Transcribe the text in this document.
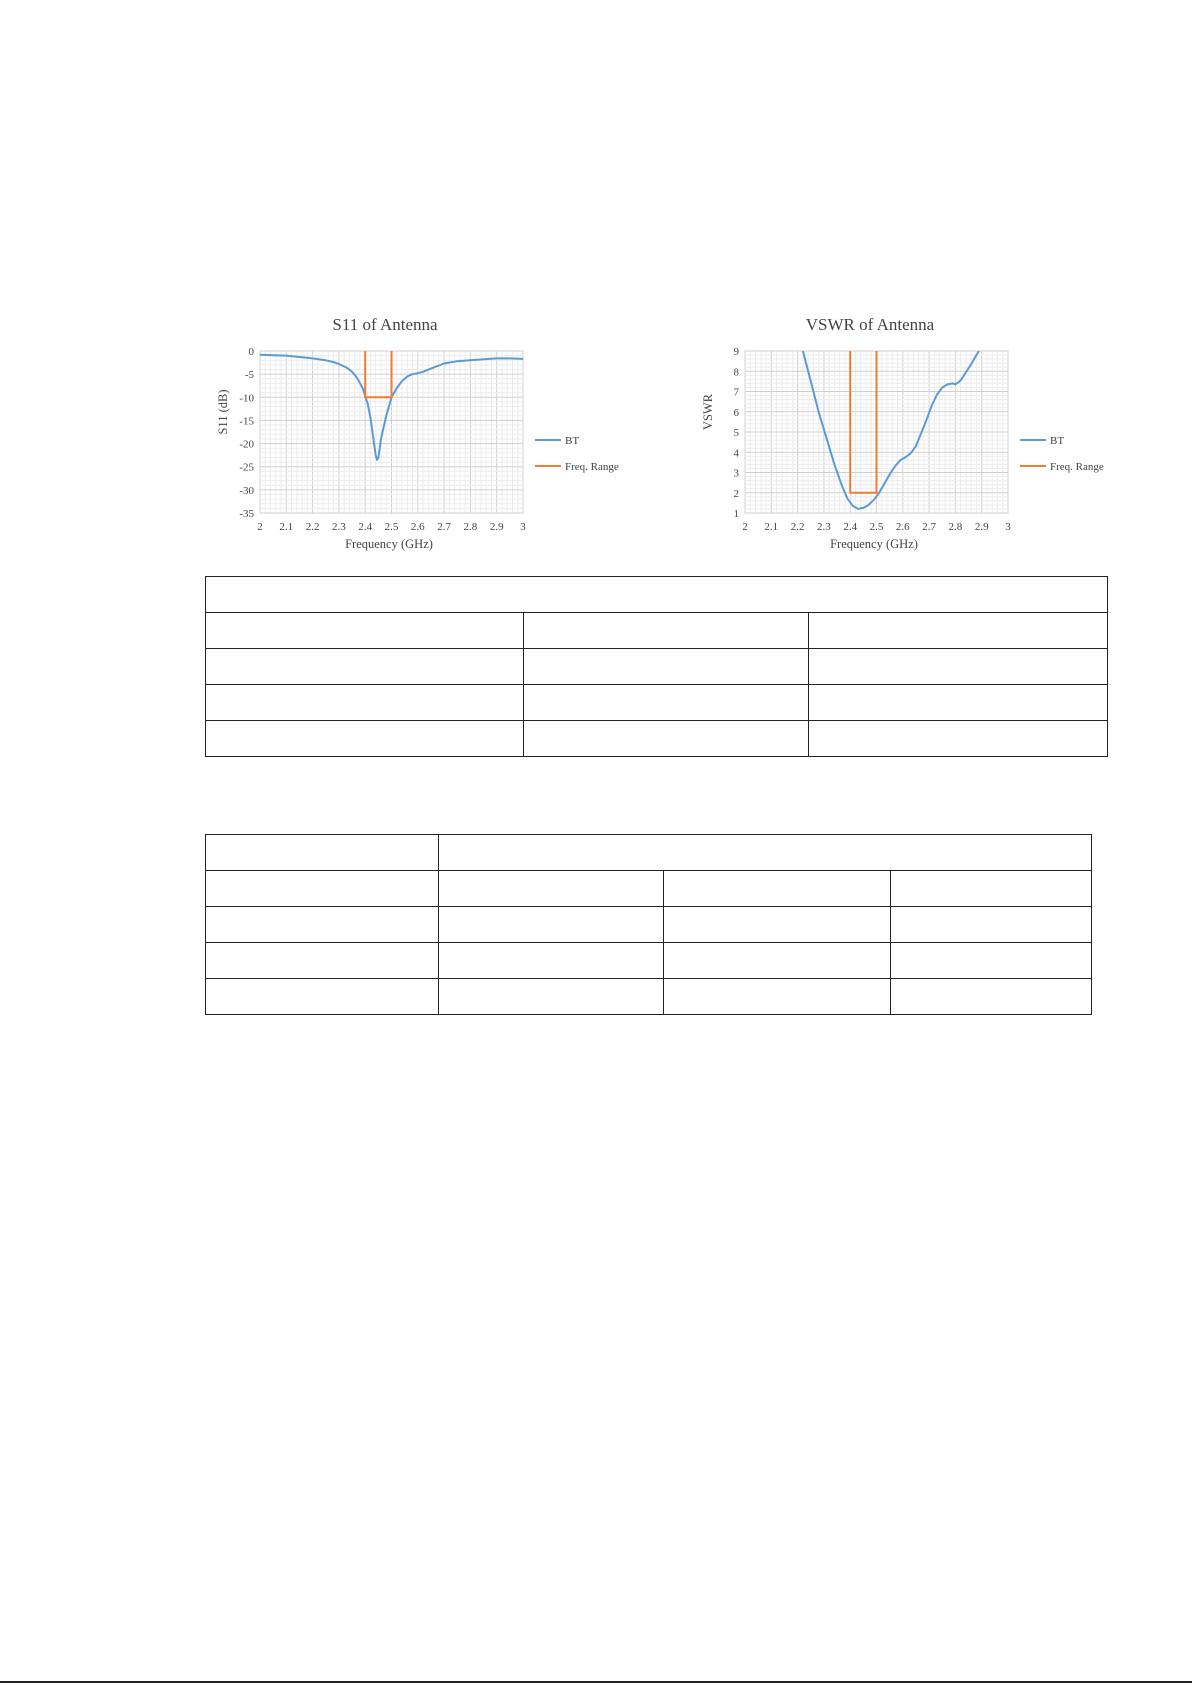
S11 of Antenna
2 2.1 2.2 2.3 2.4 2.5 2.6 2.7 2.8 2.9 3
0
-5
-10
-15
-20
-25
-30
-35
Frequency (GHz)
S11 (dB)
BT
Freq. Range
VSWR of Antenna
2 2.1 2.2 2.3 2.4 2.5 2.6 2.7 2.8 2.9 3
9
8
7
6
5
4
3
2
1
Frequency (GHz)
VSWR
BT
Freq. Range
